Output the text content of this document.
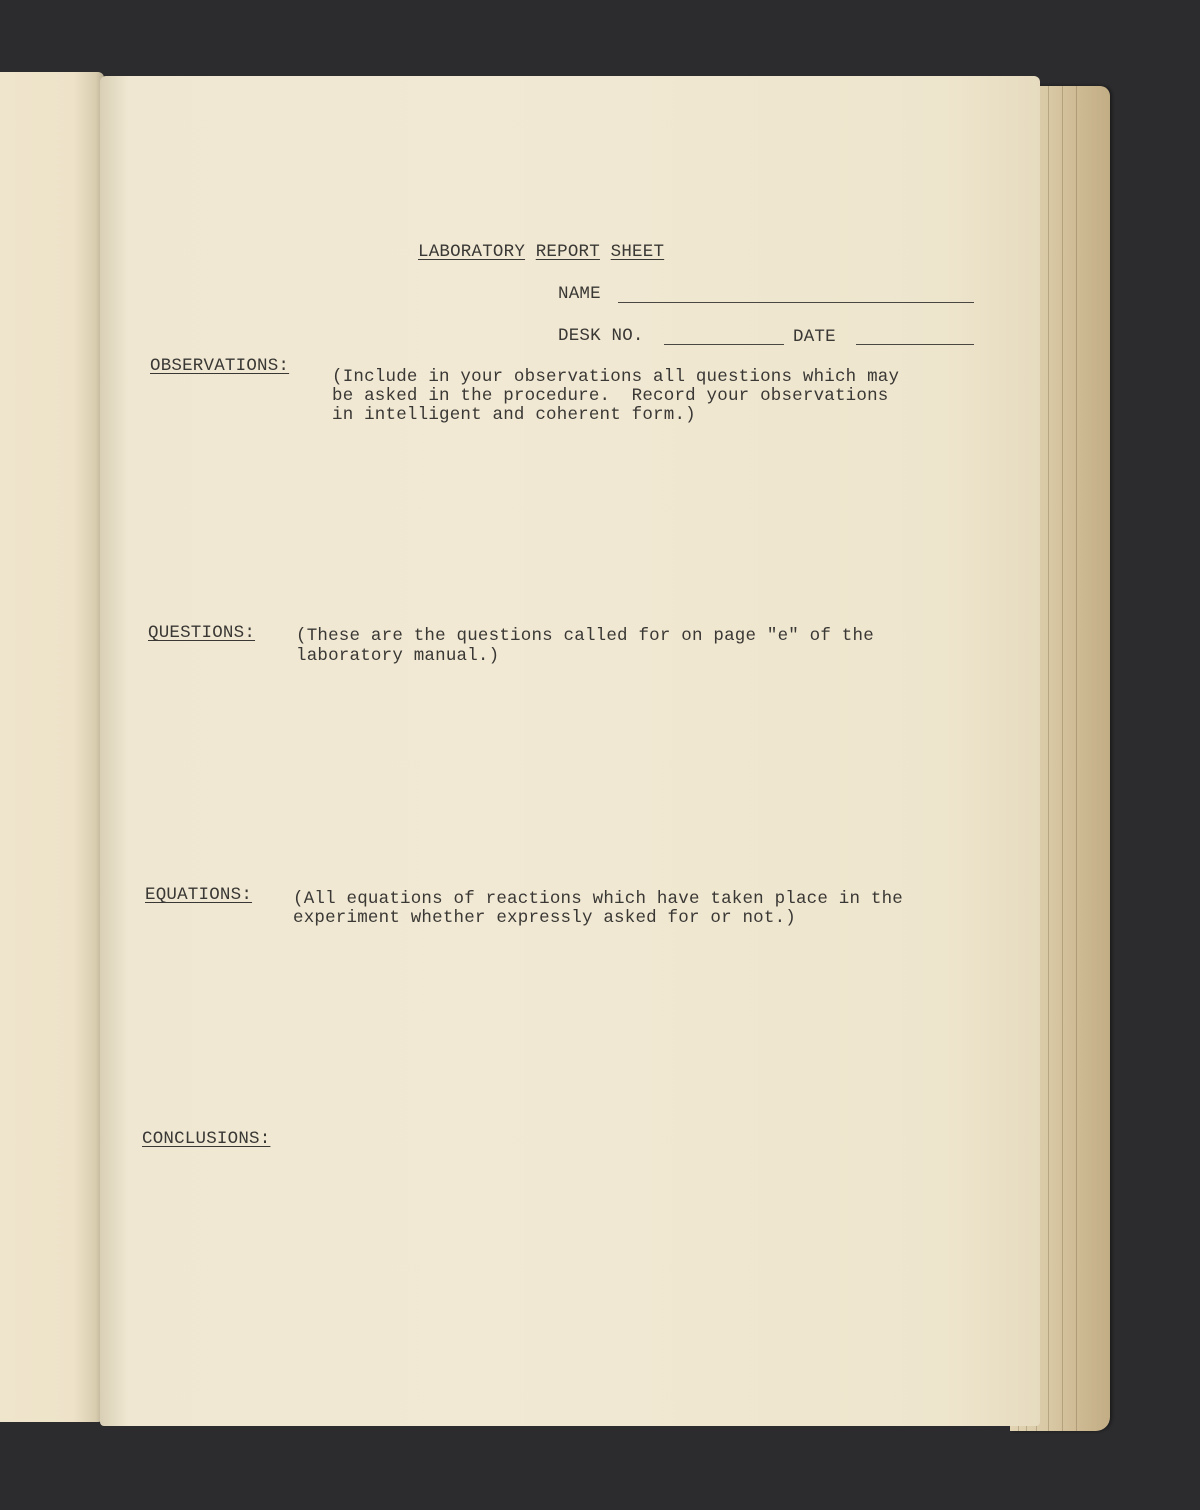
LABORATORY REPORT SHEET
NAME
DESK NO.	DATE
OBSERVATIONS:
(Include in your observations all questions which may
be asked in the procedure.  Record your observations
in intelligent and coherent form.)
QUESTIONS: (These are the questions called for on page "e" of the
laboratory manual.)
EQUATIONS: (All equations of reactions which have taken place in the
experiment whether expressly asked for or not.)
CONCLUSIONS:
